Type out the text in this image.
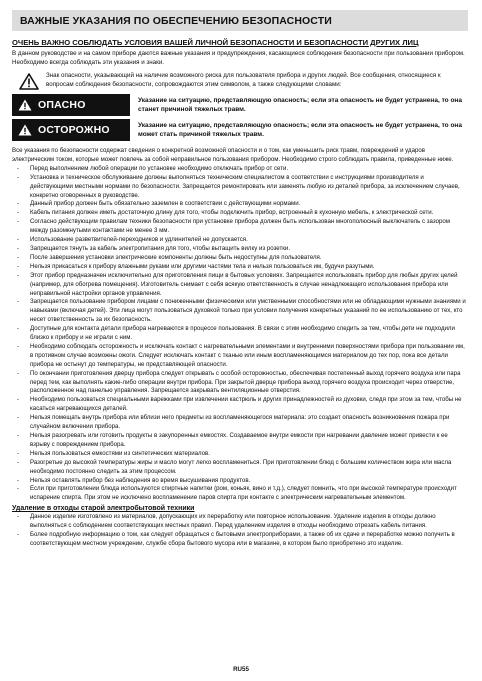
ВАЖНЫЕ УКАЗАНИЯ ПО ОБЕСПЕЧЕНИЮ БЕЗОПАСНОСТИ
ОЧЕНЬ ВАЖНО СОБЛЮДАТЬ УСЛОВИЯ ВАШЕЙ ЛИЧНОЙ БЕЗОПАСНОСТИ И БЕЗОПАСНОСТИ ДРУГИХ ЛИЦ

В данном руководстве и на самом приборе даются важные указания и предупреждения, касающиеся соблюдения безопасности при пользовании прибором. Необходимо всегда соблюдать эти указания и знаки.

Знак опасности, указывающий на наличие возможного риска для пользователя прибора и других людей. Все сообщения, относящиеся к вопросам соблюдения безопасности, сопровождаются этим символом, а также следующими словами:
ОПАСНО	Указание на ситуацию, представляющую опасность; если эта опасность не будет устранена, то она станет причиной тяжелых травм.
ОСТОРОЖНО	Указание на ситуацию, представляющую опасность; если эта опасность не будет устранена, то она может стать причиной тяжелых травм.

Все указания по безопасности содержат сведения о конкретной возможной опасности и о том, как уменьшить риск травм, повреждений и ударов электрическим током, которые может повлечь за собой неправильное пользования прибором. Необходимо строго соблюдать правила, приведенные ниже.

- Перед выполнением любой операции по установке необходимо отключать прибор от сети.
- Установка и техническое обслуживание должны выполняться техническим специалистом в соответствии с инструкциями производителя и действующими местными нормами по безопасности. Запрещается ремонтировать или заменять любую из деталей прибора, за исключением случаев, конкретно оговоренных в руководстве.
- Данный прибор должен быть обязательно заземлен в соответствии с действующими нормами.
- Кабель питания должен иметь достаточную длину для того, чтобы подключить прибор, встроенный в кухонную мебель, к электрической сети.
- Согласно действующим правилам техники безопасности при установке прибора должен быть использован многополюсный выключатель с зазором между разомкнутыми контактами не менее 3 мм.
- Использование разветвителей-переходников и удлинителей не допускается.
- Запрещается тянуть за кабель электропитания для того, чтобы вытащить вилку из розетки.
- После завершения установки электрические компоненты должны быть недоступны для пользователя.
- Нельзя прикасаться к прибору влажными руками или другими частями тела и нельзя пользоваться им, будучи разутыми.
- Этот прибор предназначен исключительно для приготовления пищи в бытовых условиях. Запрещается использовать прибор для любых других целей (например, для обогрева помещения). Изготовитель снимает с себя всякую ответственность в случае ненадлежащего использования прибора или неправильной настройки органов управления.
- Запрещается пользование прибором лицами с пониженными физическими или умственными способностями или не обладающими нужными знаниями и навыками (включая детей). Эти лица могут пользоваться духовкой только при условии получения конкретных указаний по ее использованию от тех, кто несет ответственность за их безопасность.
- Доступные для контакта детали прибора нагреваются в процессе пользования. В связи с этим необходимо следить за тем, чтобы дети не подходили близко к прибору и не играли с ним.
- Необходимо соблюдать осторожность и исключать контакт с нагревательными элементами и внутренними поверхностями прибора при пользовании им, в противном случае возможны ожоги. Следует исключать контакт с тканью или иным воспламеняющимся материалом до тех пор, пока все детали прибора не остынут до температуры, не представляющей опасности.
- По окончании приготовления дверцу прибора следует открывать с особой осторожностью, обеспечивая постепенный выход горячего воздуха или пара перед тем, как выполнять какие-либо операции внутри прибора. При закрытой дверце прибора выход горячего воздуха происходит через отверстие, расположенное над панелью управления. Запрещается закрывать вентиляционные отверстия.
- Необходимо пользоваться специальными варежками при извлечении кастрюль и других принадлежностей из духовки, следя при этом за тем, чтобы не касаться нагревающихся деталей.
- Нельзя помещать внутрь прибора или вблизи него предметы из воспламеняющегося материала: это создает опасность возникновения пожара при случайном включении прибора.
- Нельзя разогревать или готовить продукты в закупоренных емкостях. Создаваемое внутри емкости при нагревании давление может привести к ее взрыву с повреждением прибора.
- Нельзя пользоваться емкостями из синтетических материалов.
- Разогретые до высокой температуры жиры и масло могут легко воспламениться. При приготовлении блюд с большим количеством жира или масла необходимо постоянно следить за этим процессом.
- Нельзя оставлять прибор без наблюдения во время высушивания продуктов.
- Если при приготовлении блюда используются спиртные напитки (ром, коньяк, вино и т.д.), следует помнить, что при высокой температуре происходит испарение спирта. При этом не исключено воспламенение паров спирта при контакте с электрическим нагревательным элементом.
Удаление в отходы старой электробытовой техники
- Данное изделие изготовлено из материалов, допускающих их переработку или повторное использование. Удаление изделия в отходы должно выполняться с соблюдением соответствующих местных правил. Перед удалением изделия в отходы необходимо отрезать кабель питания.
- Более подробную информацию о том, как следует обращаться с бытовыми электроприборами, а также об их сдаче и переработке можно получить в соответствующем местном учреждении, службе сбора бытового мусора или в магазине, в котором было приобретено это изделие.
RU55
